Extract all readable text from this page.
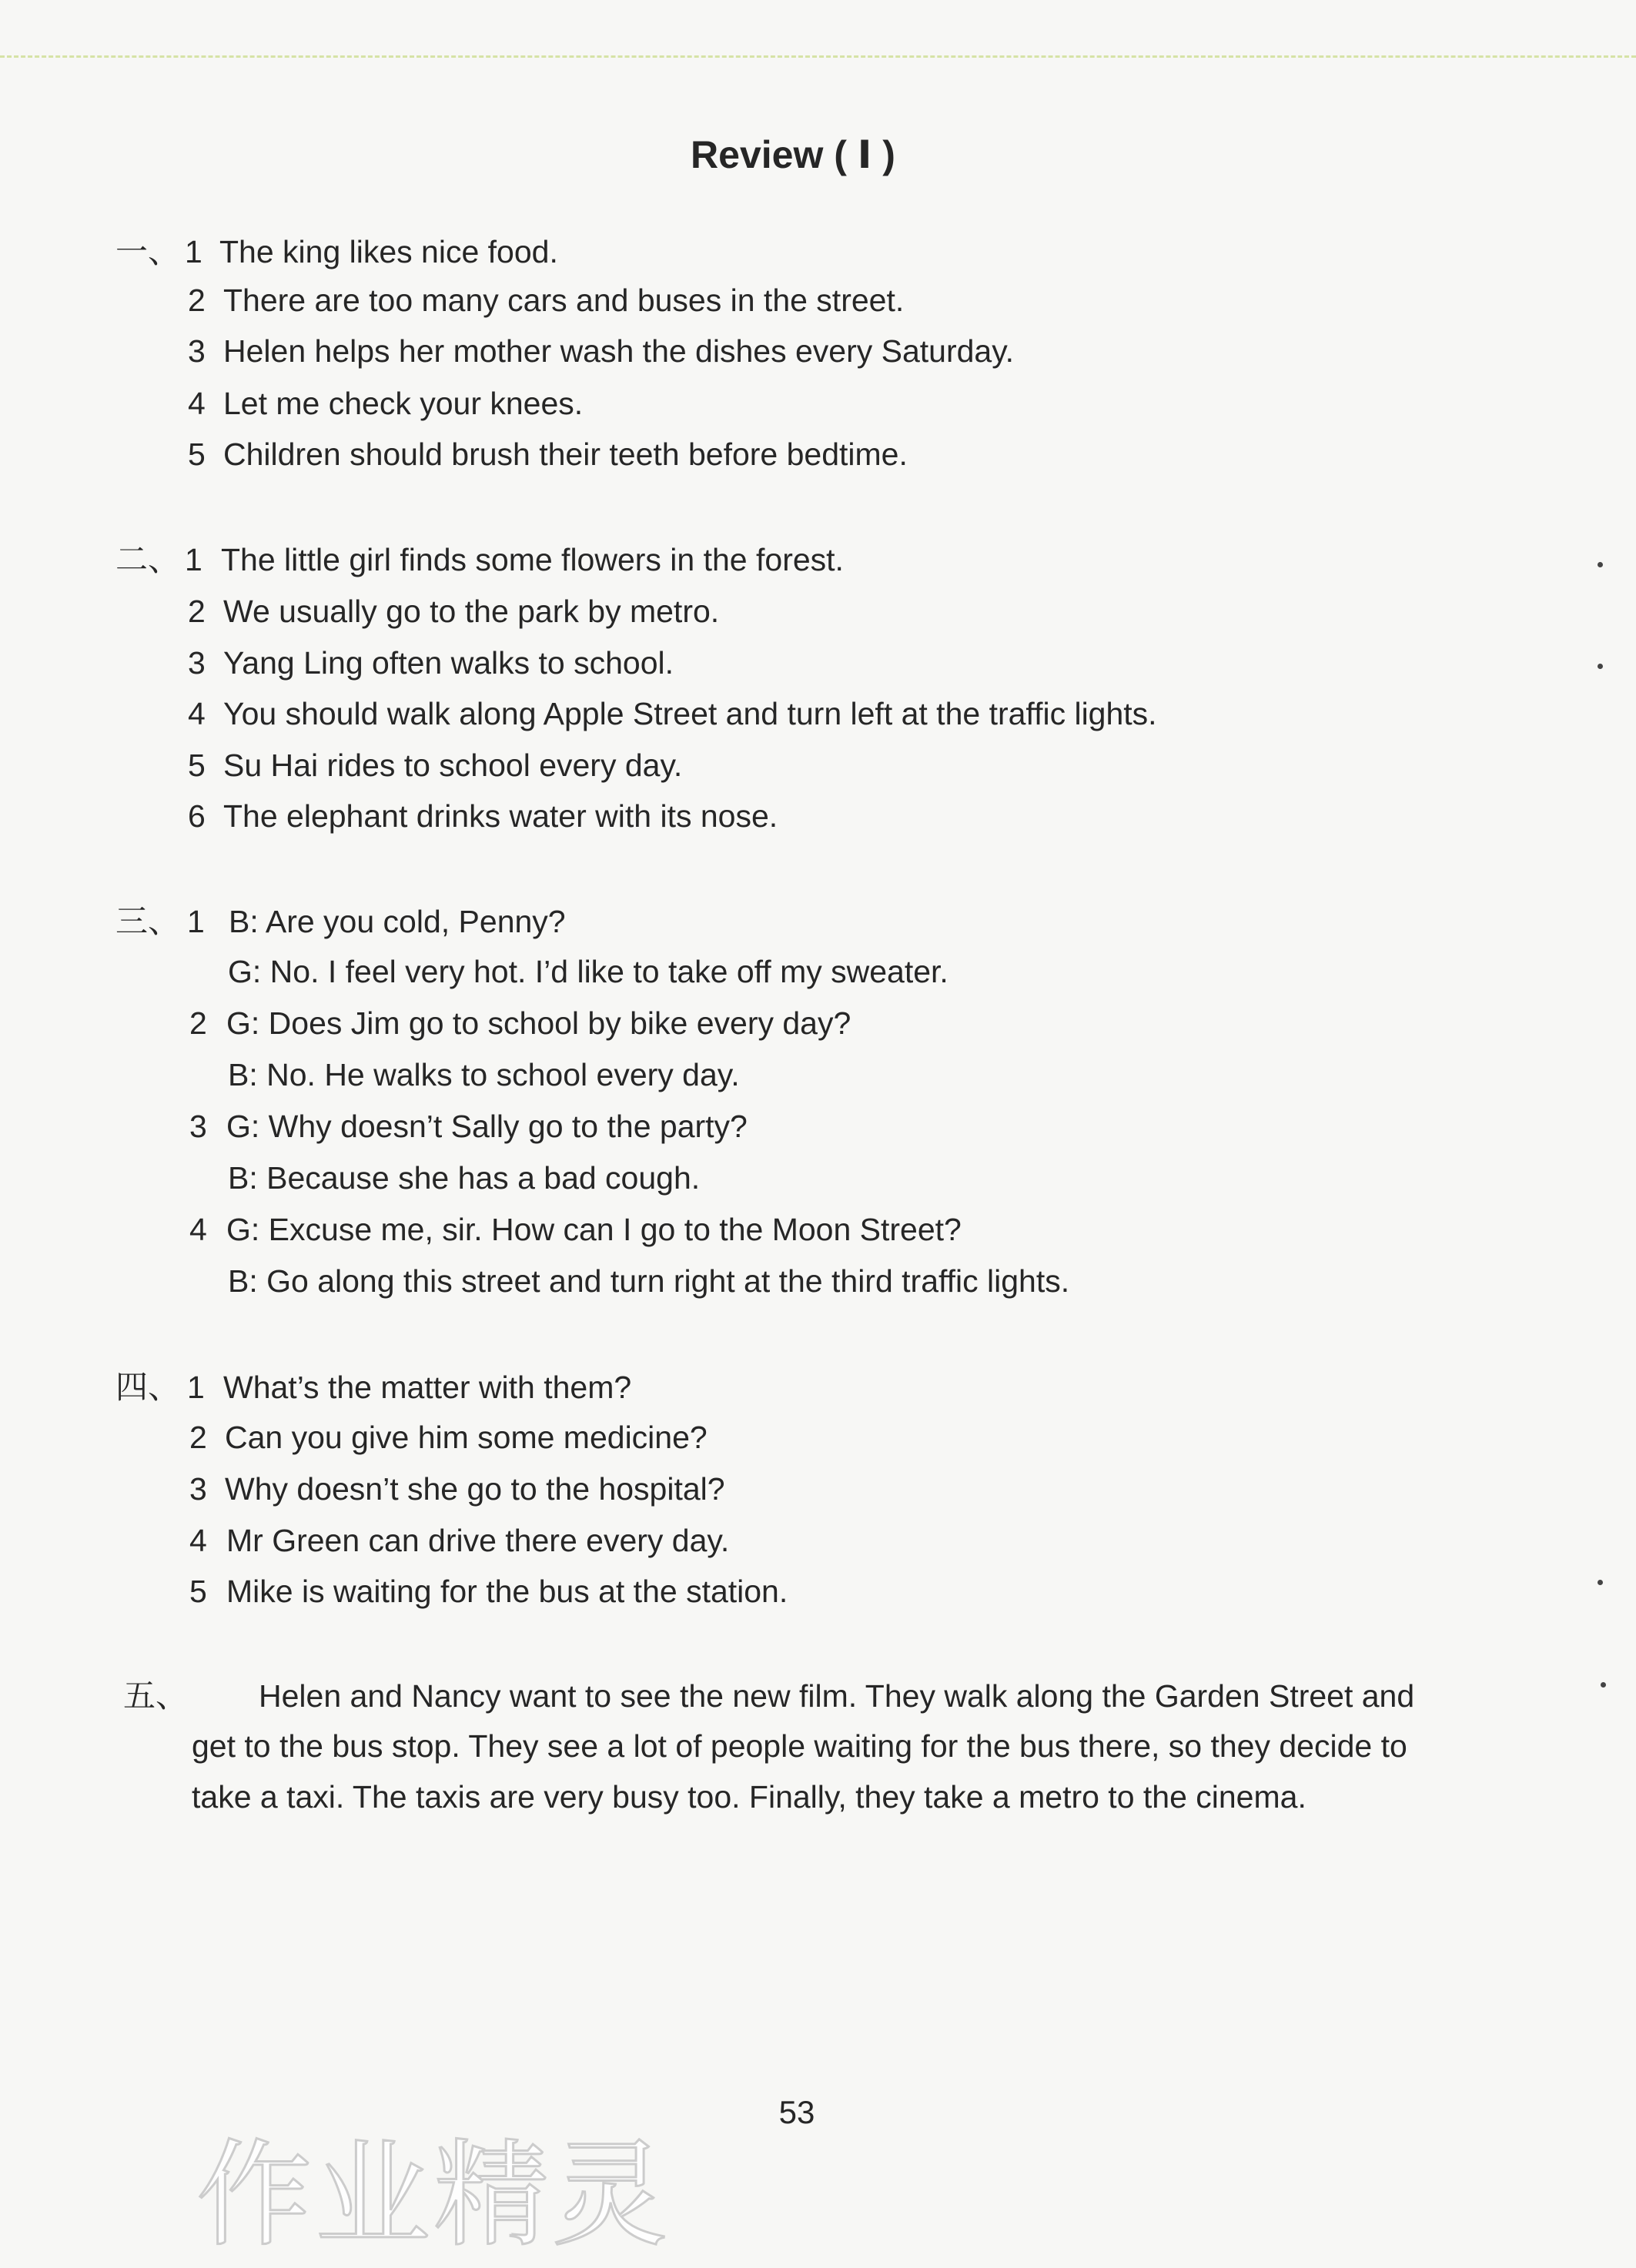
Review ( Ⅰ )
一、 1 The king likes nice food.
2 There are too many cars and buses in the street.
3 Helen helps her mother wash the dishes every Saturday.
4 Let me check your knees.
5 Children should brush their teeth before bedtime.
二、 1 The little girl finds some flowers in the forest.
2 We usually go to the park by metro.
3 Yang Ling often walks to school.
4 You should walk along Apple Street and turn left at the traffic lights.
5 Su Hai rides to school every day.
6 The elephant drinks water with its nose.
三、 1 B: Are you cold, Penny?
G: No. I feel very hot. I’d like to take off my sweater.
2 G: Does Jim go to school by bike every day?
B: No. He walks to school every day.
3 G: Why doesn’t Sally go to the party?
B: Because she has a bad cough.
4 G: Excuse me, sir. How can I go to the Moon Street?
B: Go along this street and turn right at the third traffic lights.
四、 1 What’s the matter with them?
2 Can you give him some medicine?
3 Why doesn’t she go to the hospital?
4 Mr Green can drive there every day.
5 Mike is waiting for the bus at the station.
五、 Helen and Nancy want to see the new film. They walk along the Garden Street and
get to the bus stop. They see a lot of people waiting for the bus there, so they decide to
take a taxi. The taxis are very busy too. Finally, they take a metro to the cinema.
53
作业精灵
